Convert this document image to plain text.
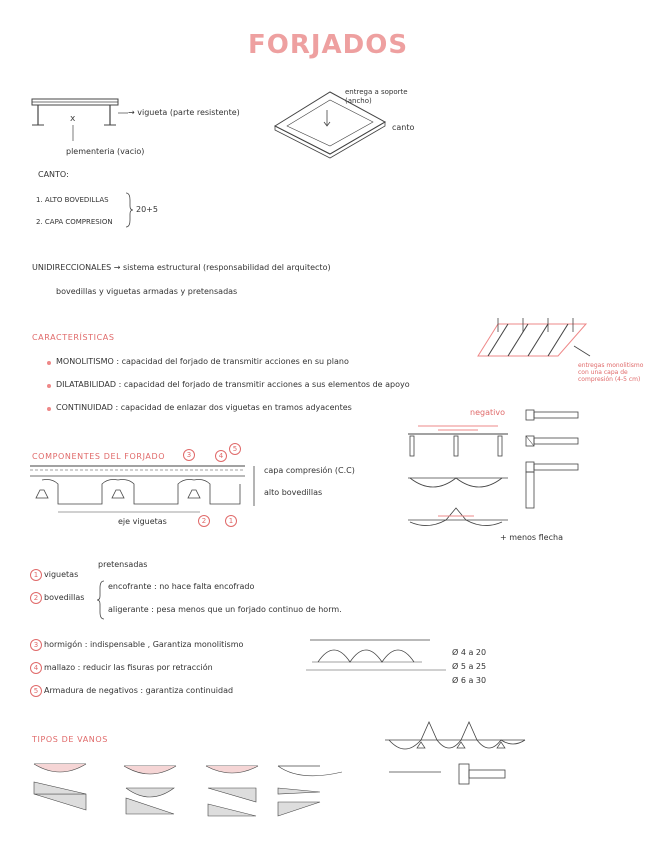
FORJADOS
x
→ vigueta (parte resistente)
plementeria (vacio)
entrega a soporte (ancho)
canto
CANTO:
1. ALTO BOVEDILLAS
2. CAPA COMPRESION
20+5
UNIDIRECCIONALES → sistema estructural (responsabilidad del arquitecto)
bovedillas y viguetas armadas y pretensadas
CARACTERÍSTICAS
MONOLITISMO : capacidad del forjado de transmitir acciones en su plano
DILATABILIDAD : capacidad del forjado de transmitir acciones a sus elementos de apoyo
CONTINUIDAD : capacidad de enlazar dos viguetas en tramos adyacentes
entregas monolitismo con una capa de compresión (4-5 cm)
COMPONENTES DEL FORJADO	3	4
5
2	1
capa compresión (C.C)
alto bovedillas
eje viguetas
negativo
+ menos flecha
pretensadas
1 viguetas
2 bovedillas
encofrante : no hace falta encofrado
aligerante : pesa menos que un forjado continuo de horm.
3 hormigón : indispensable , Garantiza monolitismo
4 mallazo : reducir las fisuras por retracción
5 Armadura de negativos : garantiza continuidad
Ø 4 a 20
Ø 5 a 25
Ø 6 a 30
TIPOS DE VANOS
